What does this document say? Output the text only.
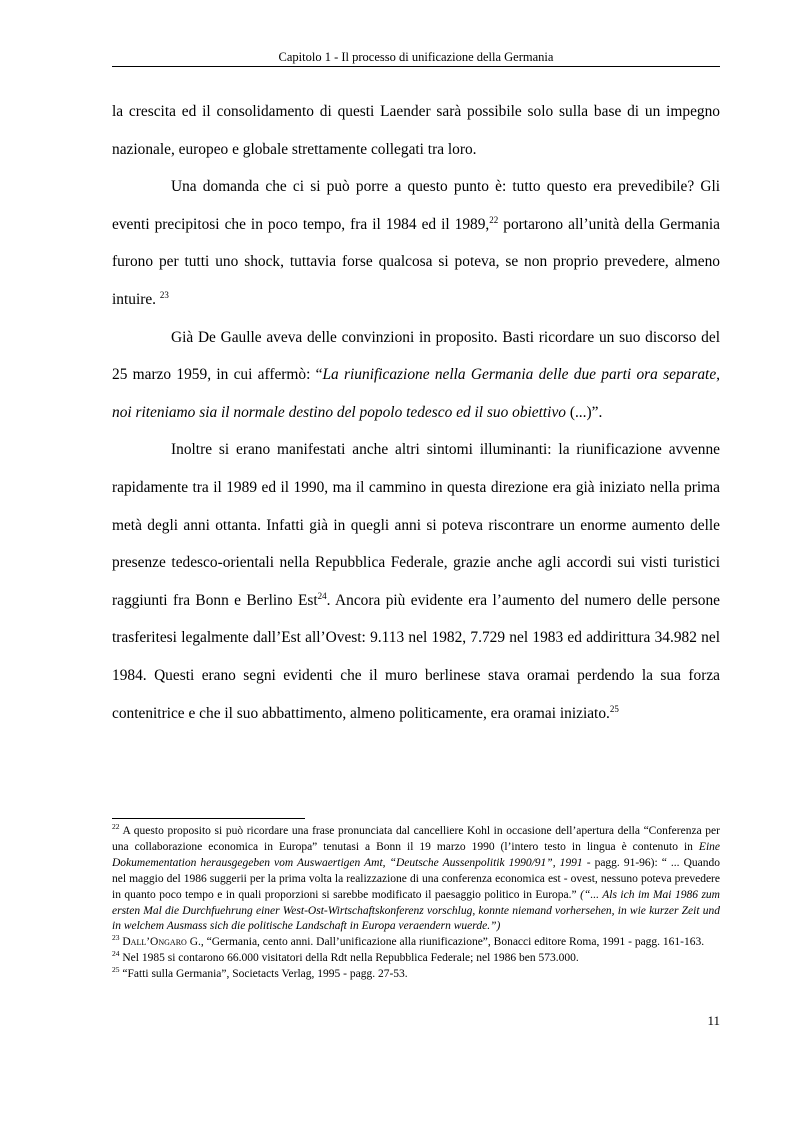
Capitolo 1 - Il processo di unificazione della Germania

la crescita ed il consolidamento di questi Laender sarà possibile solo sulla base di un impegno nazionale, europeo e globale strettamente collegati tra loro.

Una domanda che ci si può porre a questo punto è: tutto questo era prevedibile? Gli eventi precipitosi che in poco tempo, fra il 1984 ed il 1989,22 portarono all’unità della Germania furono per tutti uno shock, tuttavia forse qualcosa si poteva, se non proprio prevedere, almeno intuire. $^{23}$

Già De Gaulle aveva delle convinzioni in proposito. Basti ricordare un suo discorso del 25 marzo 1959, in cui affermò: “La riunificazione nella Germania delle due parti ora separate, noi riteniamo sia il normale destino del popolo tedesco ed il suo obiettivo (...)”.

Inoltre si erano manifestati anche altri sintomi illuminanti: la riunificazione avvenne rapidamente tra il 1989 ed il 1990, ma il cammino in questa direzione era già iniziato nella prima metà degli anni ottanta. Infatti già in quegli anni si poteva riscontrare un enorme aumento delle presenze tedesco-orientali nella Repubblica Federale, grazie anche agli accordi sui visti turistici raggiunti fra Bonn e Berlino Est$^{24}$. Ancora più evidente era l’aumento del numero delle persone trasferitesi legalmente dall’Est all’Ovest: 9.113 nel 1982, 7.729 nel 1983 ed addirittura 34.982 nel 1984. Questi erano segni evidenti che il muro berlinese stava oramai perdendo la sua forza contenitrice e che il suo abbattimento, almeno politicamente, era oramai iniziato.$^{25}$

$^{22}$ A questo proposito si può ricordare una frase pronunciata dal cancelliere Kohl in occasione dell’apertura della “Conferenza per una collaborazione economica in Europa” tenutasi a Bonn il 19 marzo 1990 (l’intero testo in lingua è contenuto in Eine Dokumementation herausgegeben vom Auswaertigen Amt, “Deutsche Aussenpolitik 1990/91”, 1991 - pagg. 91-96): “ ... Quando nel maggio del 1986 suggerii per la prima volta la realizzazione di una conferenza economica est - ovest, nessuno poteva prevedere in quanto poco tempo e in quali proporzioni si sarebbe modificato il paesaggio politico in Europa.” (“... Als ich im Mai 1986 zum ersten Mal die Durchfuehrung einer West-Ost-Wirtschaftskonferenz vorschlug, konnte niemand vorhersehen, in wie kurzer Zeit und in welchem Ausmass sich die politische Landschaft in Europa veraendern wuerde.”)

$^{23}$ Dall’Ongaro G., “Germania, cento anni. Dall’unificazione alla riunificazione”, Bonacci editore Roma, 1991 - pagg. 161-163.

$^{24}$ Nel 1985 si contarono 66.000 visitatori della Rdt nella Repubblica Federale; nel 1986 ben 573.000.

$^{25}$ “Fatti sulla Germania”, Societacts Verlag, 1995 - pagg. 27-53.

11
